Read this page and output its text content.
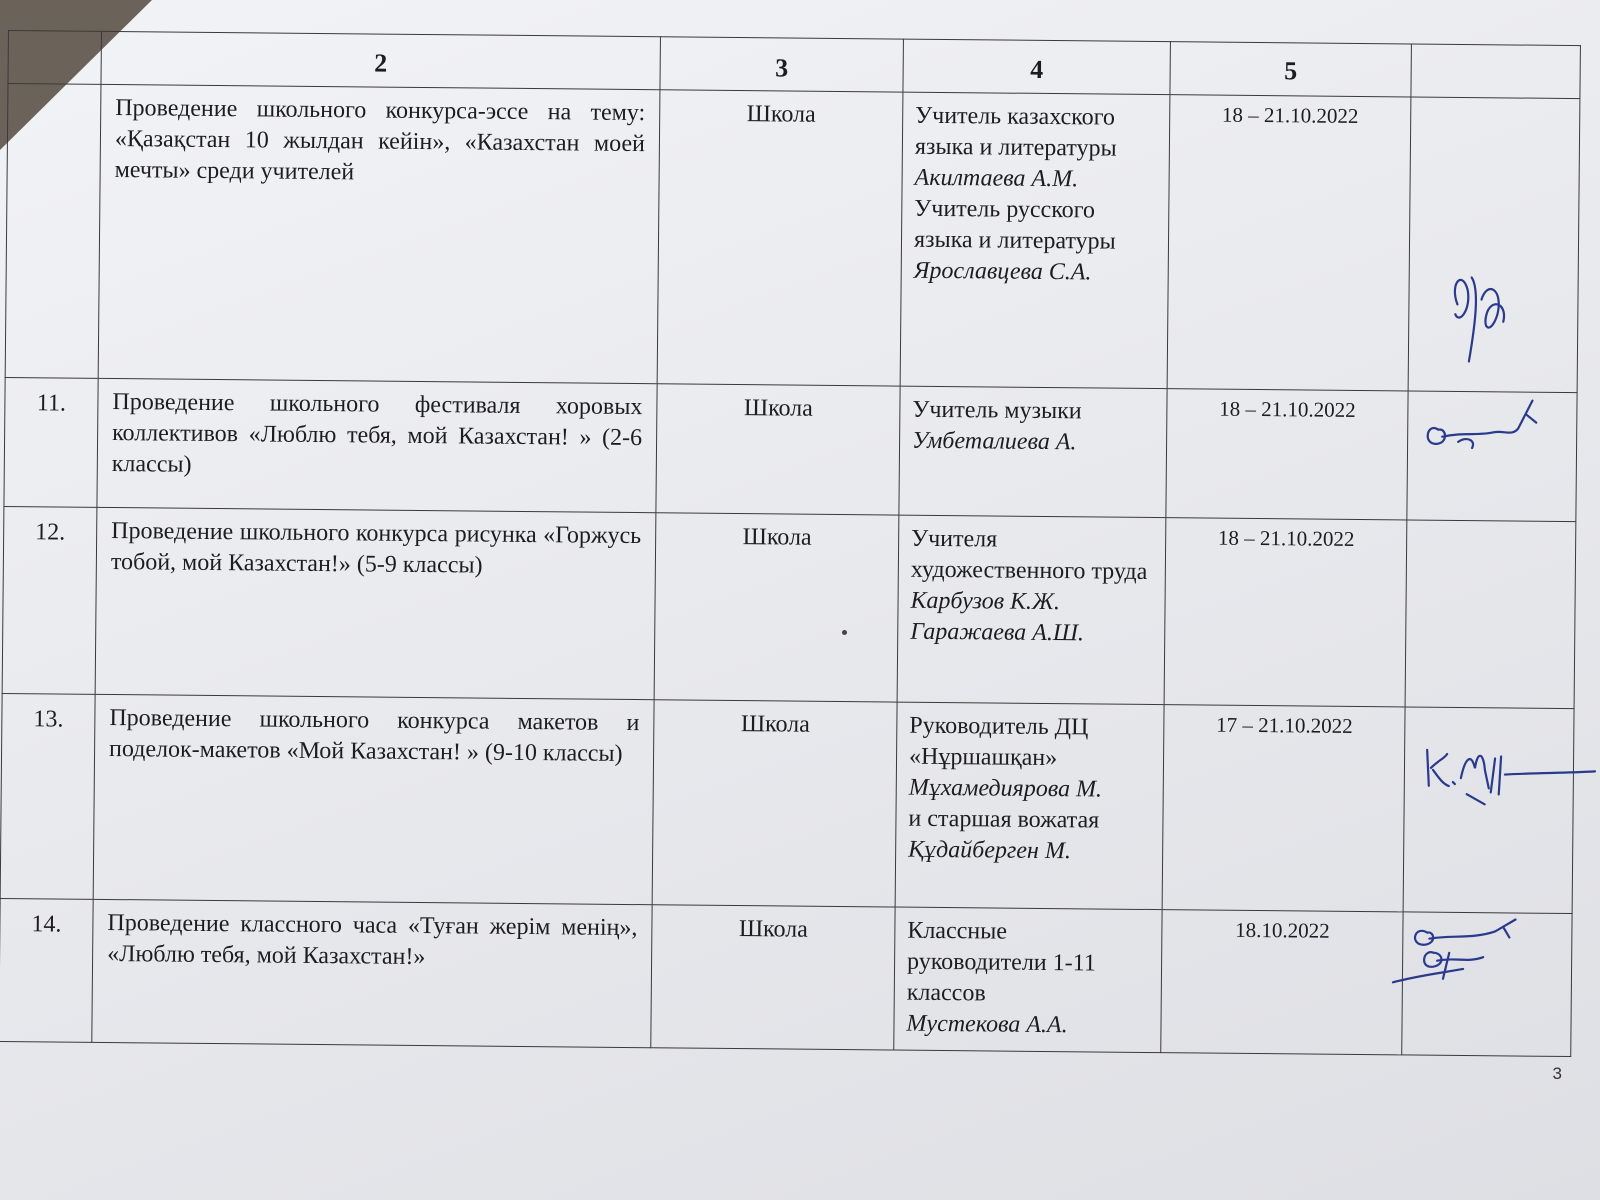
	2	3	4	5	
	Проведение школьного конкурса-эссе на тему: «Қазақстан 10 жылдан кейін», «Казахстан моей мечты» среди учителей	Школа	Учитель казахского языка и литературы
Акилтаева А.М.
Учитель русского языка и литературы
Ярославцева С.А.	18 – 21.10.2022	

11.	Проведение школьного фестиваля хоровых коллективов «Люблю тебя, мой Казахстан! » (2-6 классы)	Школа	Учитель музыки
Умбеталиева А.	18 – 21.10.2022	

12.	Проведение школьного конкурса рисунка «Горжусь тобой, мой Казахстан!» (5-9 классы)	Школа	Учителя художественного труда
Карбузов К.Ж.
Гаражаева А.Ш.	18 – 21.10.2022	
13.	Проведение школьного конкурса макетов и поделок-макетов «Мой Казахстан! » (9-10 классы)	Школа	Руководитель ДЦ «Нұршашқан»
Мұхамедиярова М.
и старшая вожатая
Құдайберген М.	17 – 21.10.2022	

14.	Проведение классного часа «Туған жерім менің», «Люблю тебя, мой Казахстан!»	Школа	Классные руководители 1-11 классов
Мустекова А.А.	18.10.2022	
3
